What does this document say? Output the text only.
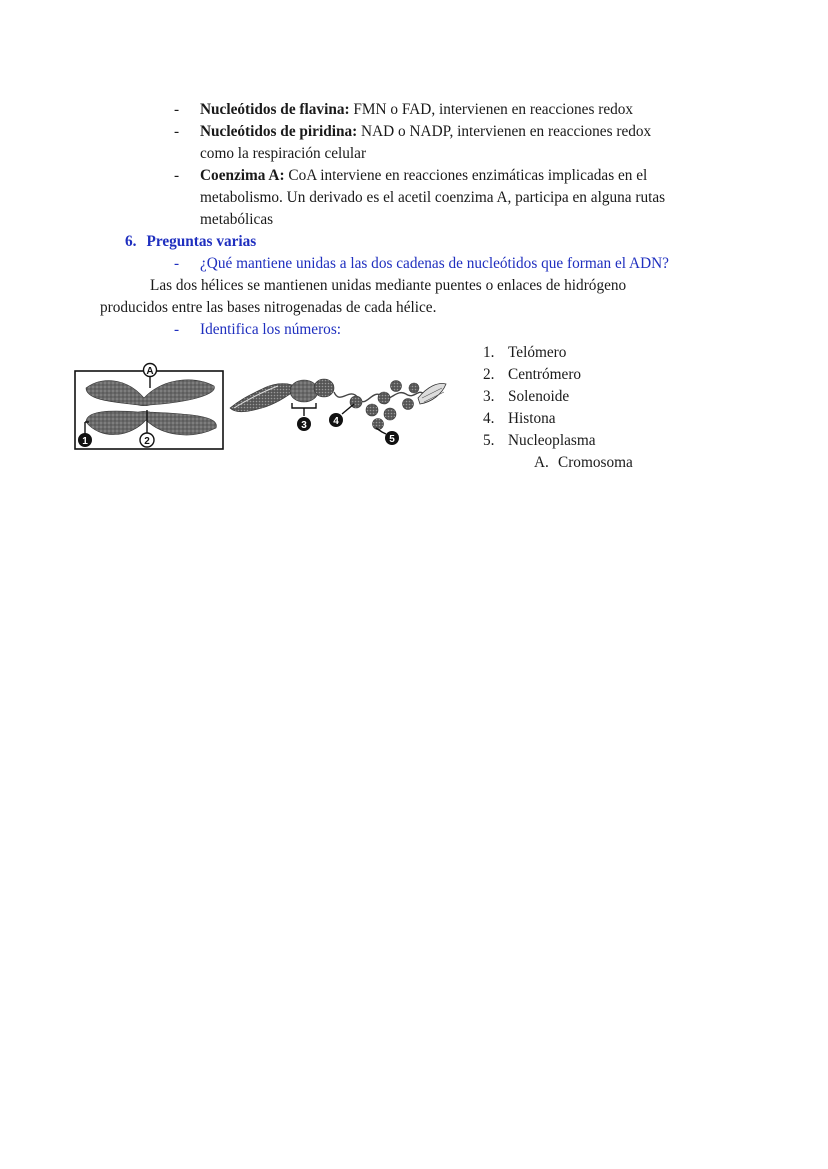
- Nucleótidos de flavina: FMN o FAD, intervienen en reacciones redox
- Nucleótidos de piridina: NAD o NADP, intervienen en reacciones redox
como la respiración celular
- Coenzima A: CoA interviene en reacciones enzimáticas implicadas en el
metabolismo. Un derivado es el acetil coenzima A, participa en alguna rutas
metabólicas
6. Preguntas varias
- ¿Qué mantiene unidas a las dos cadenas de nucleótidos que forman el ADN?
Las dos hélices se mantienen unidas mediante puentes o enlaces de hidrógeno
producidos entre las bases nitrogenadas de cada hélice.
- Identifica los números:
A
1	2
3	4
5
1. Telómero
2. Centrómero
3. Solenoide
4. Histona
5. Nucleoplasma
A. Cromosoma
